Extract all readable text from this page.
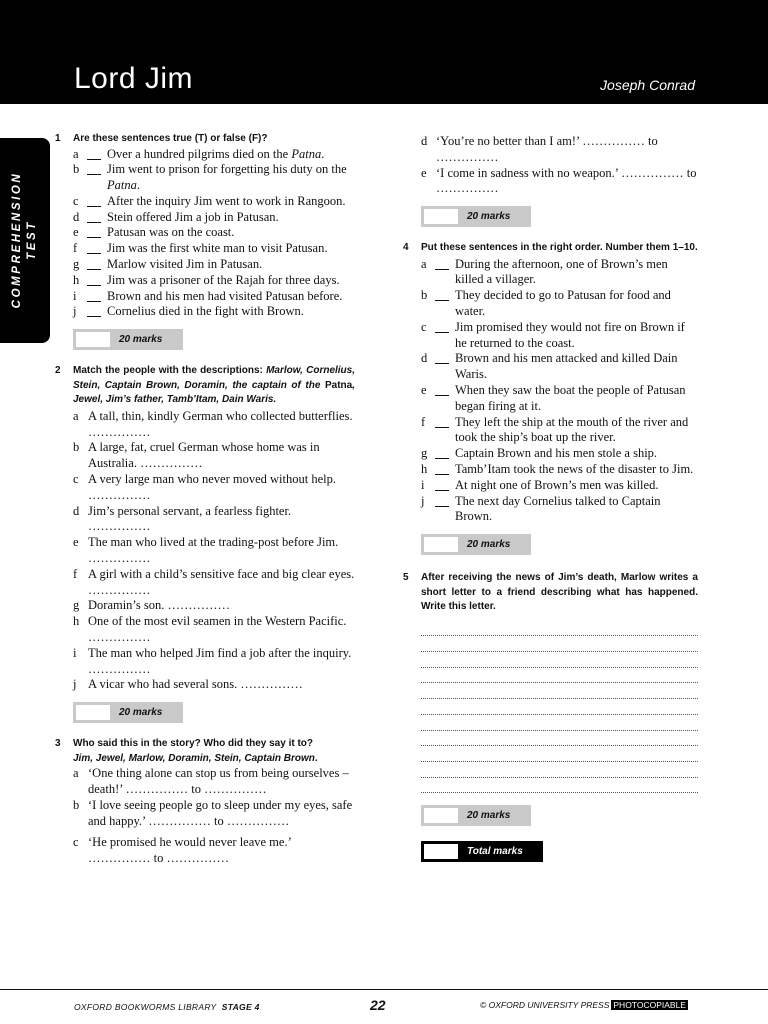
Lord Jim	Joseph Conrad
COMPREHENSION TEST
1 Are these sentences true (T) or false (F)?
a Over a hundred pilgrims died on the Patna.
b Jim went to prison for forgetting his duty on the Patna.
c After the inquiry Jim went to work in Rangoon.
d Stein offered Jim a job in Patusan.
e Patusan was on the coast.
f Jim was the first white man to visit Patusan.
g Marlow visited Jim in Patusan.
h Jim was a prisoner of the Rajah for three days.
i Brown and his men had visited Patusan before.
j Cornelius died in the fight with Brown.
20 marks
2 Match the people with the descriptions: Marlow, Cornelius, Stein, Captain Brown, Doramin, the captain of the Patna, Jewel, Jim’s father, Tamb’Itam, Dain Waris.
a A tall, thin, kindly German who collected butterflies. ……………
b A large, fat, cruel German whose home was in Australia. ……………
c A very large man who never moved without help. ……………
d Jim’s personal servant, a fearless fighter. ……………
e The man who lived at the trading-post before Jim. ……………
f A girl with a child’s sensitive face and big clear eyes. ……………
g Doramin’s son. ……………
h One of the most evil seamen in the Western Pacific. ……………
i The man who helped Jim find a job after the inquiry. ……………
j A vicar who had several sons. ……………
20 marks
3 Who said this in the story? Who did they say it to?
Jim, Jewel, Marlow, Doramin, Stein, Captain Brown.
a ‘One thing alone can stop us from being ourselves – death!’ …………… to ……………
b ‘I love seeing people go to sleep under my eyes, safe and happy.’ …………… to ……………
c ‘He promised he would never leave me.’ …………… to ……………
d ‘You’re no better than I am!’ …………… to ……………
e ‘I come in sadness with no weapon.’ …………… to ……………
20 marks
4 Put these sentences in the right order. Number them 1–10.
a During the afternoon, one of Brown’s men killed a villager.
b They decided to go to Patusan for food and water.
c Jim promised they would not fire on Brown if he returned to the coast.
d Brown and his men attacked and killed Dain Waris.
e When they saw the boat the people of Patusan began firing at it.
f They left the ship at the mouth of the river and took the ship’s boat up the river.
g Captain Brown and his men stole a ship.
h Tamb’Itam took the news of the disaster to Jim.
i At night one of Brown’s men was killed.
j The next day Cornelius talked to Captain Brown.
20 marks
5 After receiving the news of Jim’s death, Marlow writes a short letter to a friend describing what has happened. Write this letter.
20 marks
Total marks
OXFORD BOOKWORMS LIBRARY STAGE 4	22	© OXFORD UNIVERSITY PRESS PHOTOCOPIABLE
